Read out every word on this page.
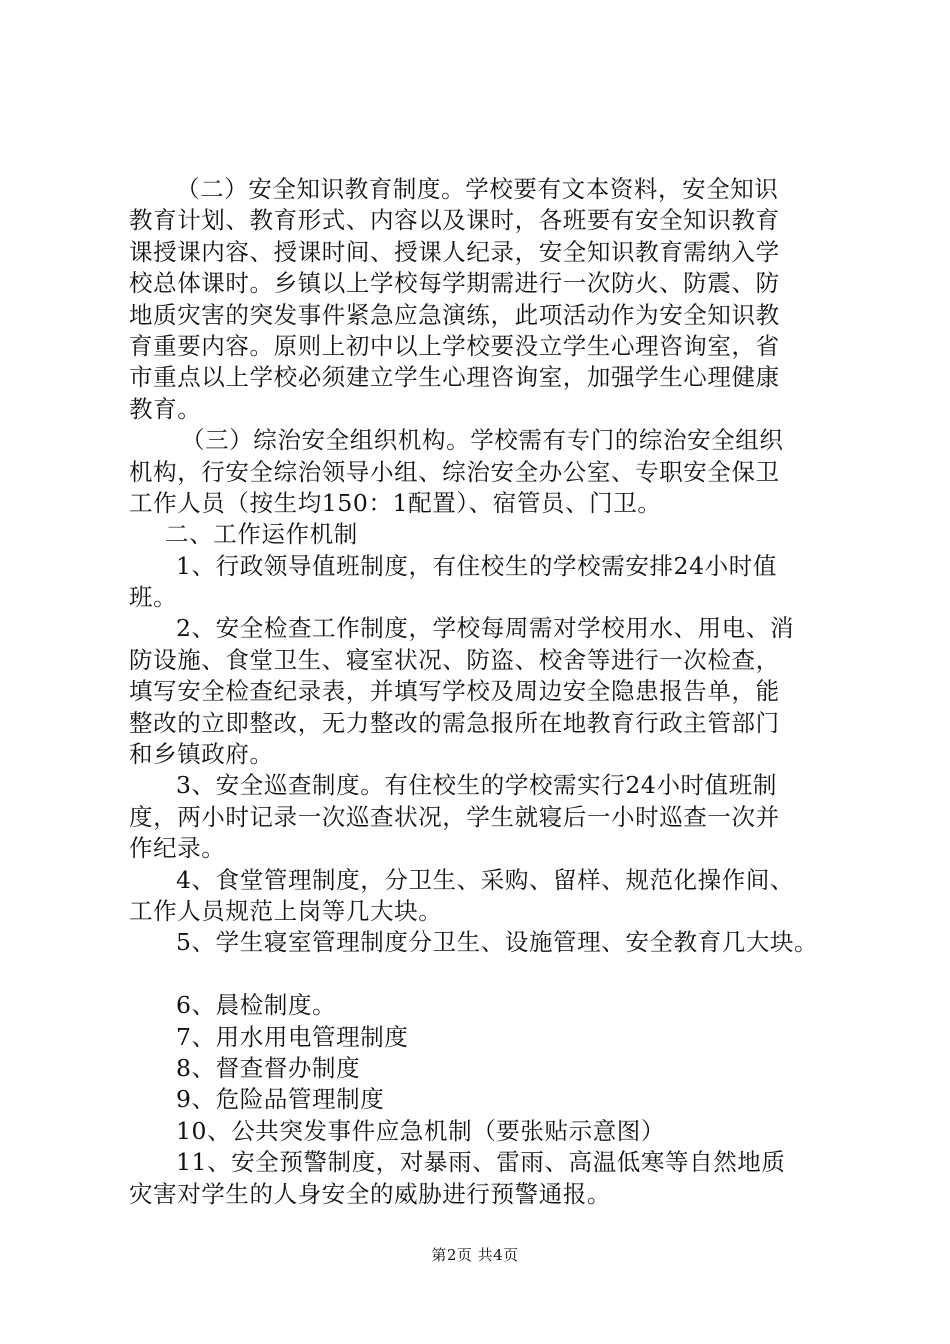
（二）安全知识教育制度。学校要有文本资料，安全知识
教育计划、教育形式、内容以及课时，各班要有安全知识教育
课授课内容、授课时间、授课人纪录，安全知识教育需纳入学
校总体课时。乡镇以上学校每学期需进行一次防火、防震、防
地质灾害的突发事件紧急应急演练，此项活动作为安全知识教
育重要内容。原则上初中以上学校要没立学生心理咨询室，省
市重点以上学校必须建立学生心理咨询室，加强学生心理健康
教育。
（三）综治安全组织机构。学校需有专门的综治安全组织
机构，行安全综治领导小组、综治安全办公室、专职安全保卫
工作人员（按生均150：1配置）、宿管员、门卫。
二、工作运作机制
1、行政领导值班制度，有住校生的学校需安排24小时值
班。
2、安全检查工作制度，学校每周需对学校用水、用电、消
防设施、食堂卫生、寝室状况、防盗、校舍等进行一次检查，
填写安全检查纪录表，并填写学校及周边安全隐患报告单，能
整改的立即整改，无力整改的需急报所在地教育行政主管部门
和乡镇政府。
3、安全巡查制度。有住校生的学校需实行24小时值班制
度，两小时记录一次巡查状况，学生就寝后一小时巡查一次并
作纪录。
4、食堂管理制度，分卫生、采购、留样、规范化操作间、
工作人员规范上岗等几大块。
5、学生寝室管理制度分卫生、设施管理、安全教育几大块。
6、晨检制度。
7、用水用电管理制度
8、督查督办制度
9、危险品管理制度
10、公共突发事件应急机制（要张贴示意图）
11、安全预警制度，对暴雨、雷雨、高温低寒等自然地质
灾害对学生的人身安全的威胁进行预警通报。
第2页 共4页
